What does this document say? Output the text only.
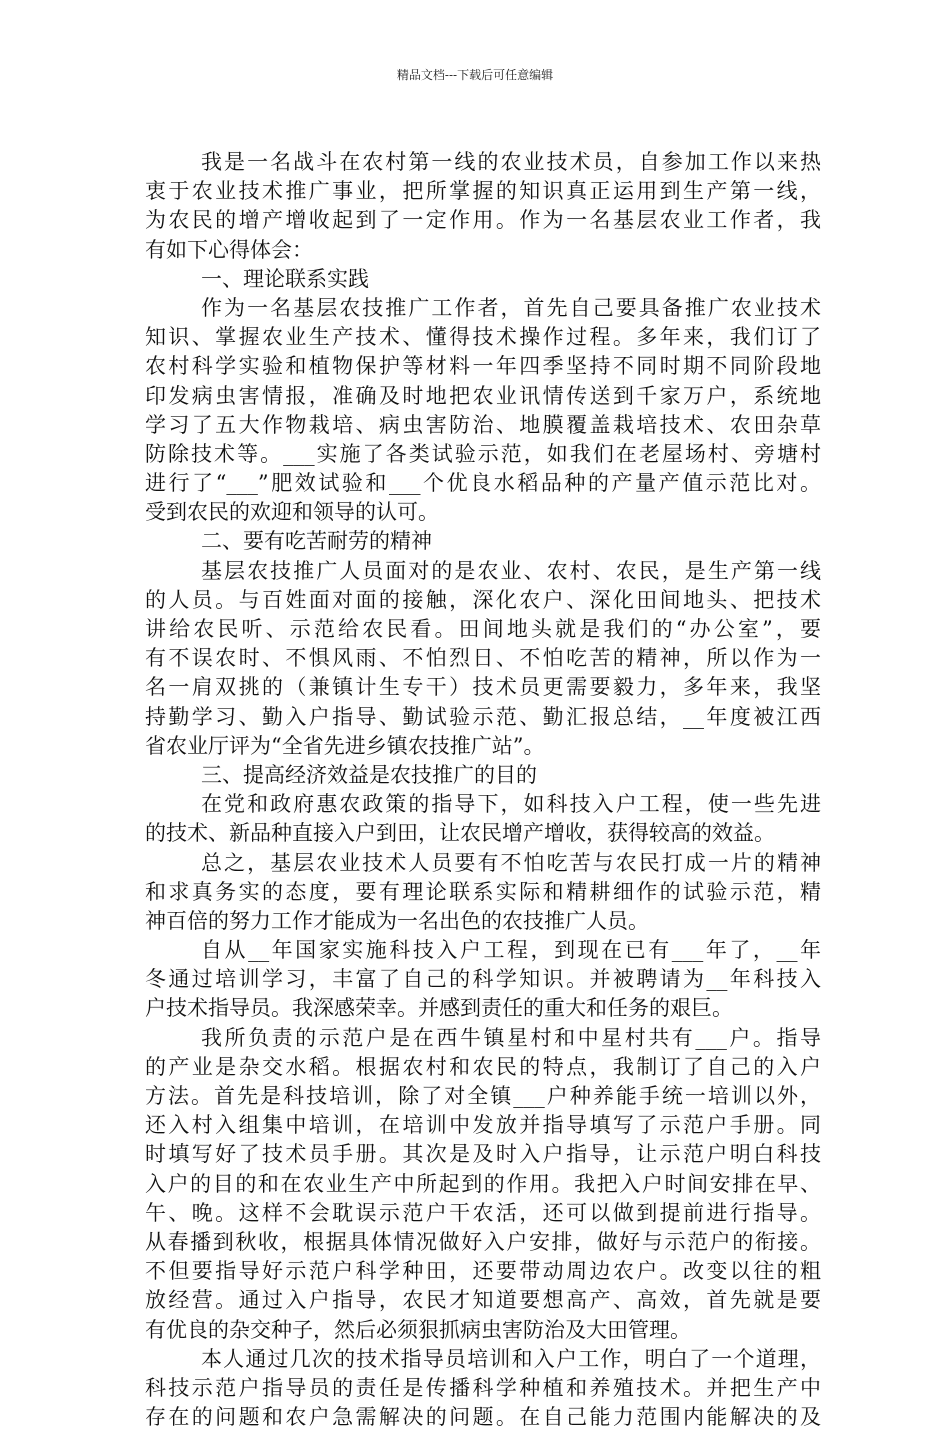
精品文档---下载后可任意编辑
我是一名战斗在农村第一线的农业技术员，自参加工作以来热
衷于农业技术推广事业，把所掌握的知识真正运用到生产第一线，
为农民的增产增收起到了一定作用。作为一名基层农业工作者，我
有如下心得体会：
一、理论联系实践
作为一名基层农技推广工作者，首先自己要具备推广农业技术
知识、掌握农业生产技术、懂得技术操作过程。多年来，我们订了
农村科学实验和植物保护等材料一年四季坚持不同时期不同阶段地
印发病虫害情报，准确及时地把农业讯情传送到千家万户，系统地
学习了五大作物栽培、病虫害防治、地膜覆盖栽培技术、农田杂草
防除技术等。___实施了各类试验示范，如我们在老屋场村、旁塘村
进行了“___”肥效试验和___个优良水稻品种的产量产值示范比对。
受到农民的欢迎和领导的认可。
二、要有吃苦耐劳的精神
基层农技推广人员面对的是农业、农村、农民，是生产第一线
的人员。与百姓面对面的接触，深化农户、深化田间地头、把技术
讲给农民听、示范给农民看。田间地头就是我们的“办公室”，要
有不误农时、不惧风雨、不怕烈日、不怕吃苦的精神，所以作为一
名一肩双挑的（兼镇计生专干）技术员更需要毅力，多年来，我坚
持勤学习、勤入户指导、勤试验示范、勤汇报总结，__年度被江西
省农业厅评为“全省先进乡镇农技推广站”。
三、提高经济效益是农技推广的目的
在党和政府惠农政策的指导下，如科技入户工程，使一些先进
的技术、新品种直接入户到田，让农民增产增收，获得较高的效益。
总之，基层农业技术人员要有不怕吃苦与农民打成一片的精神
和求真务实的态度，要有理论联系实际和精耕细作的试验示范，精
神百倍的努力工作才能成为一名出色的农技推广人员。
自从__年国家实施科技入户工程，到现在已有___年了，__年
冬通过培训学习，丰富了自己的科学知识。并被聘请为__年科技入
户技术指导员。我深感荣幸。并感到责任的重大和任务的艰巨。
我所负责的示范户是在西牛镇星村和中星村共有___户。指导
的产业是杂交水稻。根据农村和农民的特点，我制订了自己的入户
方法。首先是科技培训，除了对全镇___户种养能手统一培训以外，
还入村入组集中培训，在培训中发放并指导填写了示范户手册。同
时填写好了技术员手册。其次是及时入户指导，让示范户明白科技
入户的目的和在农业生产中所起到的作用。我把入户时间安排在早、
午、晚。这样不会耽误示范户干农活，还可以做到提前进行指导。
从春播到秋收，根据具体情况做好入户安排，做好与示范户的衔接。
不但要指导好示范户科学种田，还要带动周边农户。改变以往的粗
放经营。通过入户指导，农民才知道要想高产、高效，首先就是要
有优良的杂交种子，然后必须狠抓病虫害防治及大田管理。
本人通过几次的技术指导员培训和入户工作，明白了一个道理，
科技示范户指导员的责任是传播科学种植和养殖技术。并把生产中
存在的问题和农户急需解决的问题。在自己能力范围内能解决的及
